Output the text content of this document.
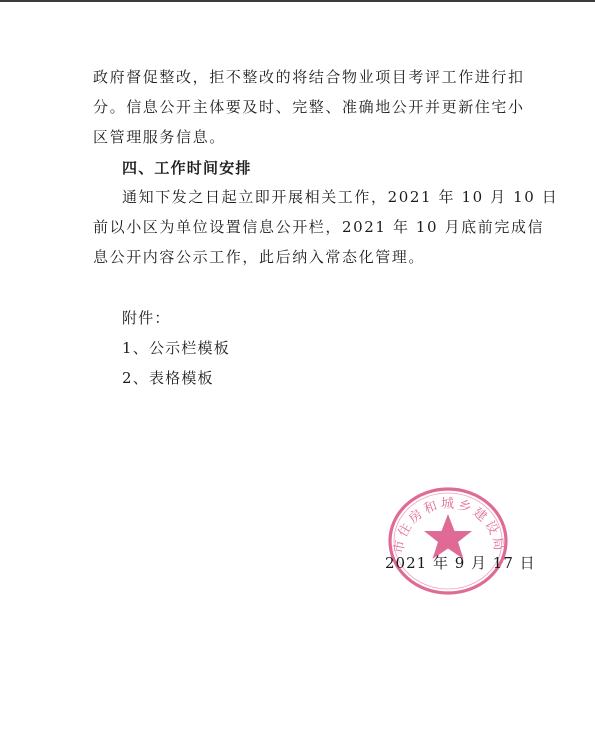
政府督促整改，拒不整改的将结合物业项目考评工作进行扣

分。信息公开主体要及时、完整、准确地公开并更新住宅小

区管理服务信息。

四、工作时间安排

通知下发之日起立即开展相关工作，2021 年 10 月 10 日

前以小区为单位设置信息公开栏，2021 年 10 月底前完成信

息公开内容公示工作，此后纳入常态化管理。

附件：

1、公示栏模板

2、表格模板

市住房和城乡建设局
2021 年 9 月 17 日
